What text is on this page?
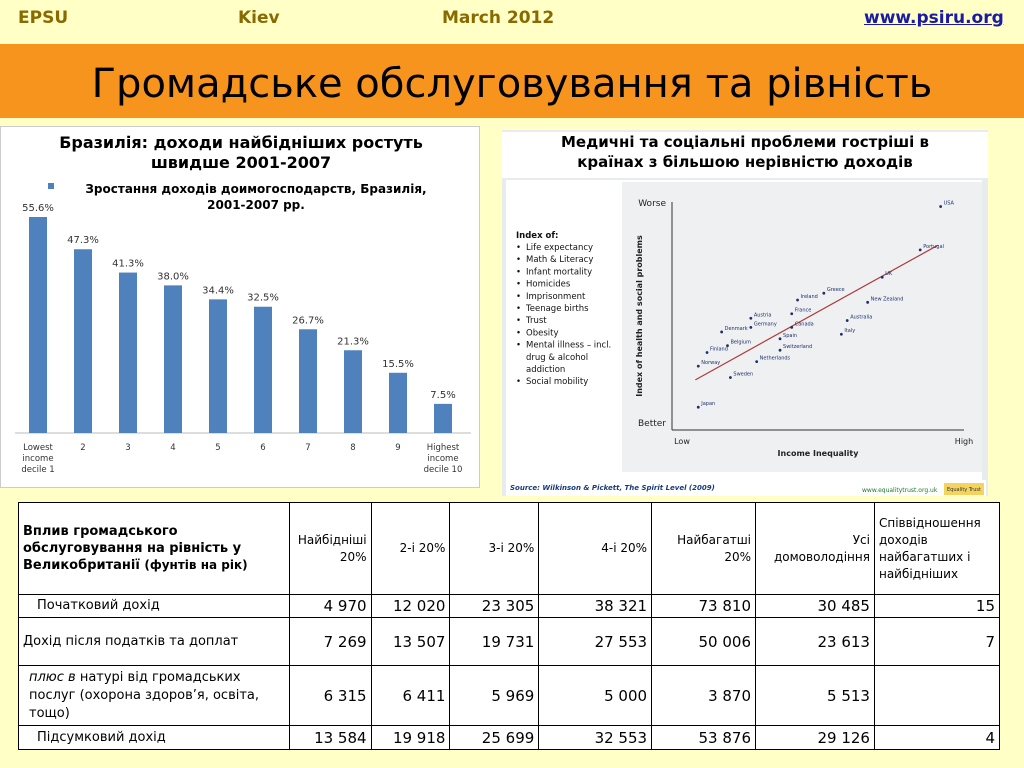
EPSU	Kiev	March 2012	www.psiru.org
Громадське обслуговування та рівність
55.6%
Lowest
income
decile 1
47.3%
2
41.3%
3
38.0%
4
34.4%
5
32.5%
6
26.7%
7
21.3%
8
15.5%
9
7.5%
Highest
income
decile 10
Бразилія: доходи найбідніших ростуть
швидше 2001-2007
Зростання доходів доимогосподарств, Бразилія,
2001-2007 рр.	Worse
Better
Low	High
Income Inequality
Index of health and social problems
USA
Portugal
UK
Greece
New Zealand
Ireland
Austria
France
Germany
Denmark
Canada
Australia
Italy
Spain
Belgium
Switzerland
Finland
Norway
Netherlands
Sweden
Japan
Index of:
• Life expectancy
• Math & Literacy
• Infant mortality
• Homicides
• Imprisonment
• Teenage births
• Trust
• Obesity
• Mental illness – incl.
drug & alcohol
addiction
• Social mobility
Source: Wilkinson & Pickett, The Spirit Level (2009)	www.equalitytrust.org.uk Equality Trust
Медичні та соціальні проблеми гостріші в
країнах з більшою нерівністю доходів
Вплив громадського обслуговування на рівність у Великобританії (фунтів на рік)	Найбідніші 20%	2-і 20%	3-і 20%	4-і 20%	Найбагатші 20%	Усі домоволодіння	Співвідношення доходів найбагатших і найбідніших
Початковий дохід	4 970	12 020	23 305	38 321	73 810	30 485	15
Дохід після податків та доплат	7 269	13 507	19 731	27 553	50 006	23 613	7
плюс в натурі від громадських послуг (охорона здоров’я, освіта, тощо)	6 315	6 411	5 969	5 000	3 870	5 513	
Підсумковий дохід	13 584	19 918	25 699	32 553	53 876	29 126	4
